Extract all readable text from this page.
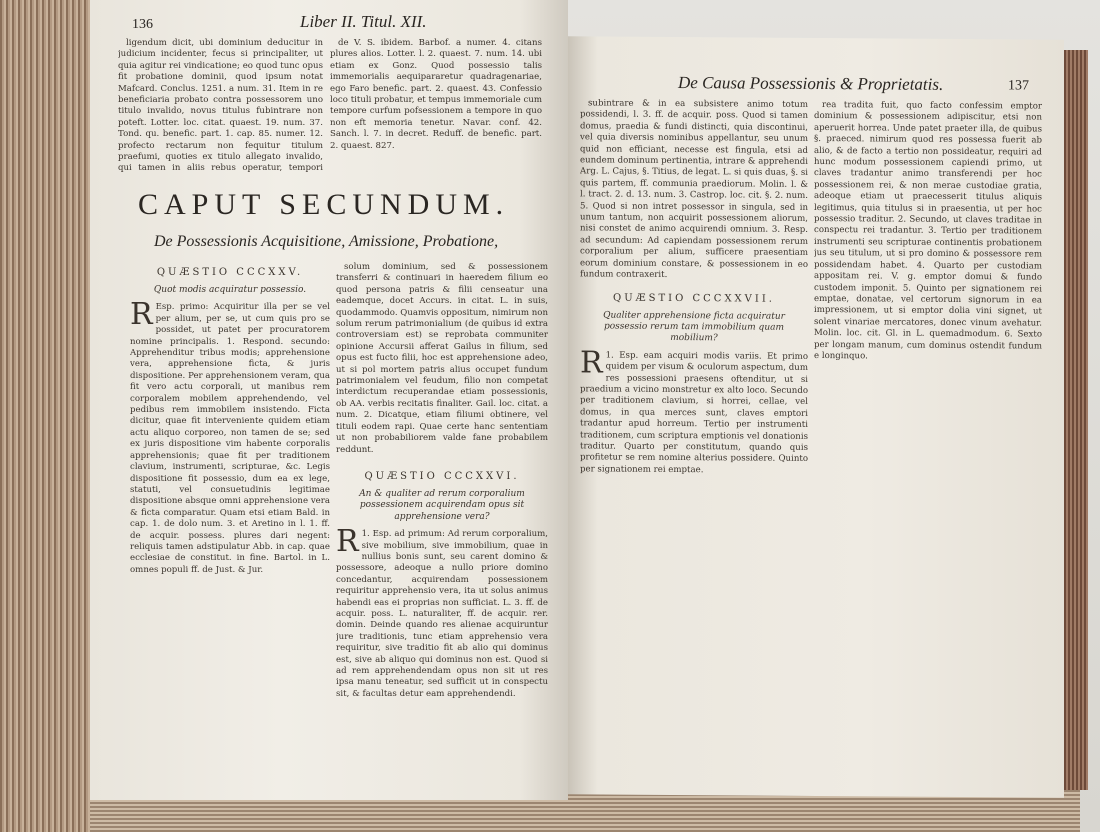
136	Liber II. Titul. XII.

ligendum dicit, ubi dominium deducitur in judicium incidenter, fecus si principaliter, ut quia agitur rei vindicatione; eo quod tunc opus fit probatione dominii, quod ipsum notat Mafcard. Conclus. 1251. a num. 31. Item in re beneficiaria probato contra possessorem uno titulo invalido, novus titulus fubintrare non poteft. Lotter. loc. citat. quaest. 19. num. 37. Tond. qu. benefic. part. 1. cap. 85. numer. 12. profecto rectarum non fequitur titulum praefumi, quoties ex titulo allegato invalido, qui tamen in aliis rebus operatur, tempori

de V. S. ibidem. Barbof. a numer. 4. citans plures alios. Lotter. l. 2. quaest. 7. num. 14. ubi etiam ex Gonz. Quod possessio talis immemorialis aequipararetur quadragenariae, ego Faro benefic. part. 2. quaest. 43. Confessio loco tituli probatur, et tempus immemoriale cum tempore curfum pofsessionem a tempore in quo non eft memoria tenetur. Navar. conf. 42. Sanch. l. 7. in decret. Reduff. de benefic. part. 2. quaest. 827.

CAPUT SECUNDUM.
De Possessionis Acquisitione, Amissione, Probatione,
QUÆSTIO CCCXXV.
Quot modis acquiratur possessio.
R Esp. primo: Acquiritur illa per se vel per alium, per se, ut cum quis pro se possidet, ut patet per procuratorem nomine principalis. 1. Respond. secundo: Apprehenditur tribus modis; apprehensione vera, apprehensione ficta, & juris dispositione. Per apprehensionem veram, qua fit vero actu corporali, ut manibus rem corporalem mobilem apprehendendo, vel pedibus rem immobilem insistendo. Ficta dicitur, quae fit interveniente quidem etiam actu aliquo corporeo, non tamen de se; sed ex juris dispositione vim habente corporalis apprehensionis; quae fit per traditionem clavium, instrumenti, scripturae, &c. Legis dispositione fit possessio, dum ea ex lege, statuti, vel consuetudinis legitimae dispositione absque omni apprehensione vera & ficta comparatur. Quam etsi etiam Bald. in cap. 1. de dolo num. 3. et Aretino in l. 1. ff. de acquir. possess. plures dari negent: reliquis tamen adstipulatur Abb. in cap. quae ecclesiae de constitut. in fine. Bartol. in L. omnes populi ff. de Just. & Jur.

solum dominium, sed & possessionem transferri & continuari in haeredem filium eo quod persona patris & filii censeatur una eademque, docet Accurs. in citat. L. in suis, quodammodo. Quamvis oppositum, nimirum non solum rerum patrimonialium (de quibus id extra controversiam est) se reprobata communiter opinione Accursii afferat Gailus in filium, sed opus est fucto filii, hoc est apprehensione adeo, ut si pol mortem patris alius occupet fundum patrimonialem vel feudum, filio non competat interdictum recuperandae etiam possessionis, ob AA. verbis recitatis finaliter. Gail. loc. citat. a num. 2. Dicatque, etiam filiumi obtinere, vel tituli eodem rapi. Quae certe hanc sententiam ut non probabiliorem valde fane probabilem reddunt.

QUÆSTIO CCCXXVI.
An & qualiter ad rerum corporalium possessionem acquirendam opus sit apprehensione vera?
R 1. Esp. ad primum: Ad rerum corporalium, sive mobilium, sive immobilium, quae in nullius bonis sunt, seu carent domino & possessore, adeoque a nullo priore domino concedantur, acquirendam possessionem requiritur apprehensio vera, ita ut solus animus habendi eas ei proprias non sufficiat. L. 3. ff. de acquir. poss. L. naturaliter, ff. de acquir. rer. domin. Deinde quando res alienae acquiruntur jure traditionis, tunc etiam apprehensio vera requiritur, sive traditio fit ab alio qui dominus est, sive ab aliquo qui dominus non est. Quod si ad rem apprehendendam opus non sit ut res ipsa manu teneatur, sed sufficit ut in conspectu sit, & facultas detur eam apprehendendi.
De Causa Possessionis & Proprietatis.	137

subintrare & in ea subsistere animo totum possidendi, l. 3. ff. de acquir. poss. Quod si tamen domus, praedia & fundi distincti, quia discontinui, vel quia diversis nominibus appellantur, seu unum quid non efficiant, necesse est fingula, etsi ad eundem dominum pertinentia, intrare & apprehendi Arg. L. Cajus, §. Titius, de legat. L. si quis duas, §. si quis partem, ff. communia praediorum. Molin. l. & l. tract. 2. d. 13. num. 3. Castrop. loc. cit. §. 2. num. 5. Quod si non intret possessor in singula, sed in unum tantum, non acquirit possessionem aliorum, nisi constet de animo acquirendi omnium. 3. Resp. ad secundum: Ad capiendam possessionem rerum corporalium per alium, sufficere praesentiam eorum dominium constare, & possessionem in eo fundum contraxerit.

QUÆSTIO CCCXXVII.
Qualiter apprehensione ficta acquiratur possessio rerum tam immobilium quam mobilium?
R 1. Esp. eam acquiri modis variis. Et primo quidem per visum & oculorum aspectum, dum res possessioni praesens oftenditur, ut si praedium a vicino monstretur ex alto loco. Secundo per traditionem clavium, si horrei, cellae, vel domus, in qua merces sunt, claves emptori tradantur apud horreum. Tertio per instrumenti traditionem, cum scriptura emptionis vel donationis traditur. Quarto per constitutum, quando quis profitetur se rem nomine alterius possidere. Quinto per signationem rei emptae.

rea tradita fuit, quo facto confessim emptor dominium & possessionem adipiscitur, etsi non aperuerit horrea. Unde patet praeter illa, de quibus §. praeced. nimirum quod res possessa fuerit ab alio, & de facto a tertio non possideatur, requiri ad hunc modum possessionem capiendi primo, ut claves tradantur animo transferendi per hoc possessionem rei, & non merae custodiae gratia, adeoque etiam ut praecesserit titulus aliquis legitimus, quia titulus si in praesentia, ut per hoc possessio traditur. 2. Secundo, ut claves traditae in conspectu rei tradantur. 3. Tertio per traditionem instrumenti seu scripturae continentis probationem jus seu titulum, ut si pro domino & possessore rem possidendam habet. 4. Quarto per custodiam appositam rei. V. g. emptor domui & fundo custodem imponit. 5. Quinto per signationem rei emptae, donatae, vel certorum signorum in ea impressionem, ut si emptor dolia vini signet, ut solent vinariae mercatores, donec vinum avehatur. Molin. loc. cit. Gl. in L. quemadmodum. 6. Sexto per longam manum, cum dominus ostendit fundum e longinquo.
